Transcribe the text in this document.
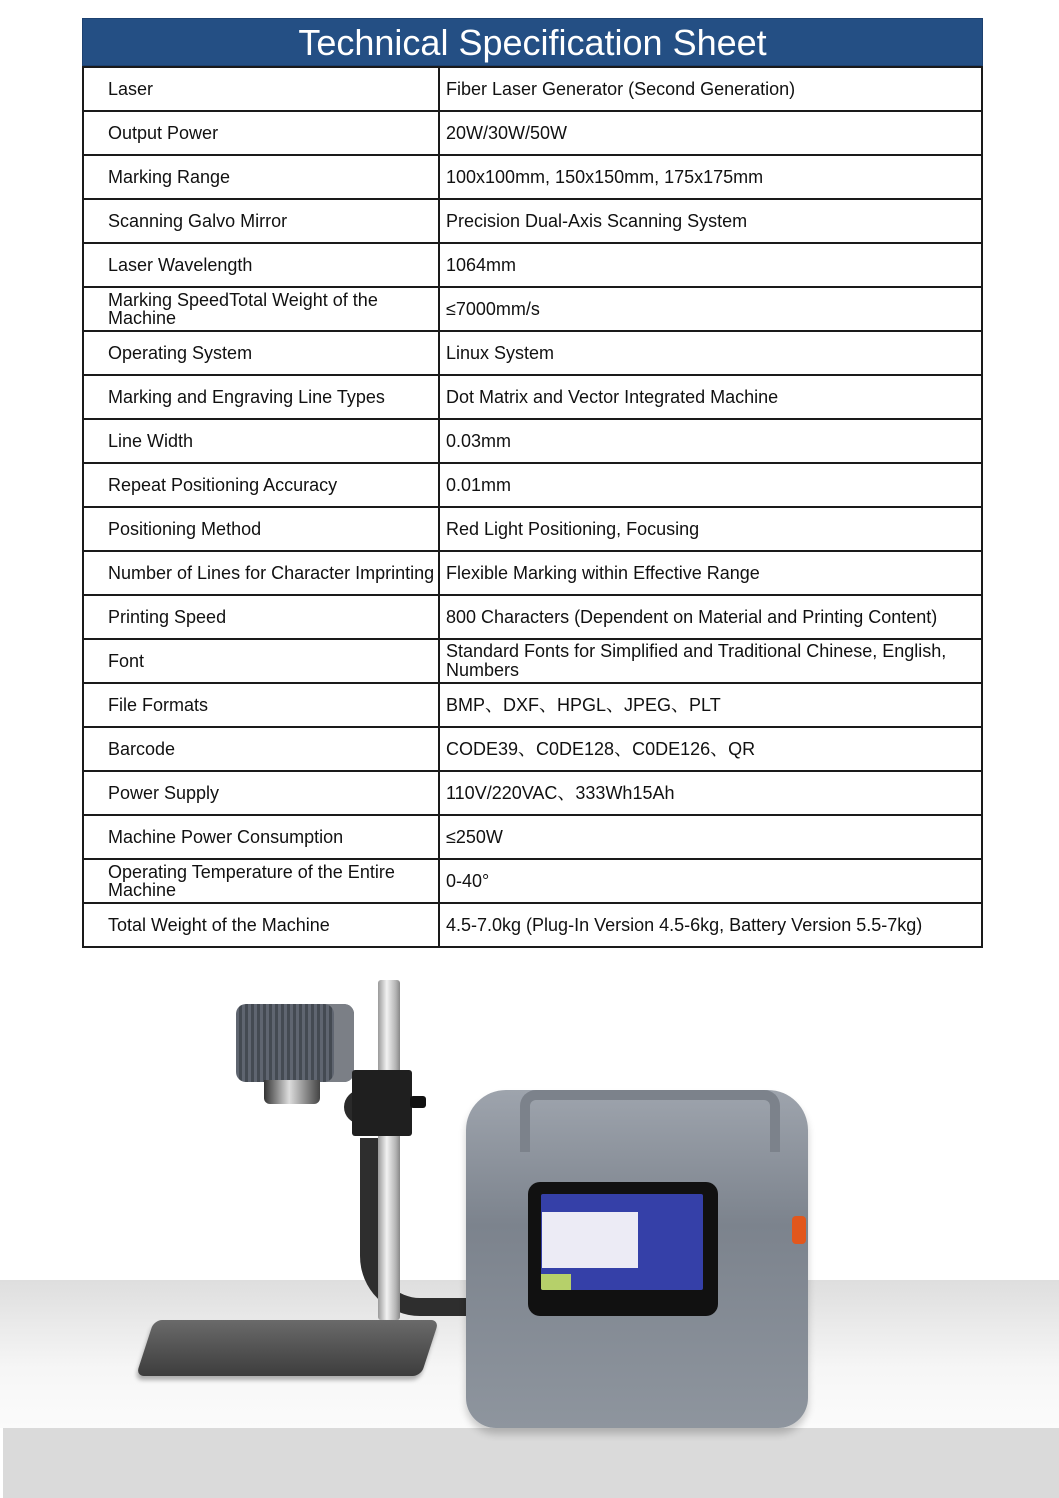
Technical Specification Sheet
Laser	Fiber Laser Generator (Second Generation)
Output Power	20W/30W/50W
Marking Range	100x100mm, 150x150mm, 175x175mm
Scanning Galvo Mirror	Precision Dual-Axis Scanning System
Laser Wavelength	1064mm
Marking SpeedTotal Weight of the Machine	≤7000mm/s
Operating System	Linux System
Marking and Engraving Line Types	Dot Matrix and Vector Integrated Machine
Line Width	0.03mm
Repeat Positioning Accuracy	0.01mm
Positioning Method	Red Light Positioning, Focusing
Number of Lines for Character Imprinting	Flexible Marking within Effective Range
Printing Speed	800 Characters (Dependent on Material and Printing Content)
Font	Standard Fonts for Simplified and Traditional Chinese, English, Numbers
File Formats	BMP、DXF、HPGL、JPEG、PLT
Barcode	CODE39、C0DE128、C0DE126、QR
Power Supply	110V/220VAC、333Wh15Ah
Machine Power Consumption	≤250W
Operating Temperature of the Entire Machine	0-40°
Total Weight of the Machine	4.5-7.0kg (Plug-In Version 4.5-6kg, Battery Version 5.5-7kg)
